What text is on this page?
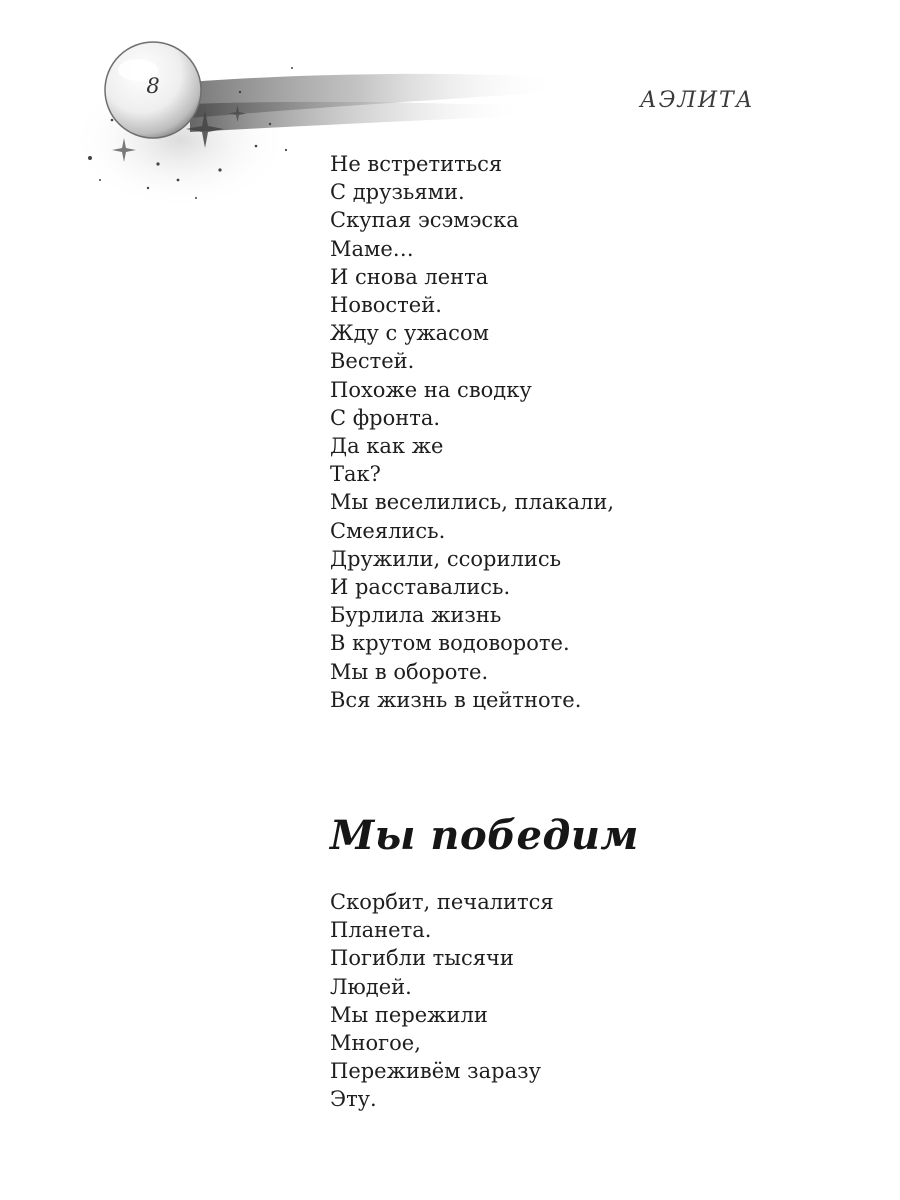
8
АЭЛИТА
Не встретиться
С друзьями.
Скупая эсэмэска
Маме…
И снова лента
Новостей.
Жду с ужасом
Вестей.
Похоже на сводку
С фронта.
Да как же
Так?
Мы веселились, плакали,
Смеялись.
Дружили, ссорились
И расставались.
Бурлила жизнь
В крутом водовороте.
Мы в обороте.
Вся жизнь в цейтноте.
Мы победим
Скорбит, печалится
Планета.
Погибли тысячи
Людей.
Мы пережили
Многое,
Переживём заразу
Эту.
